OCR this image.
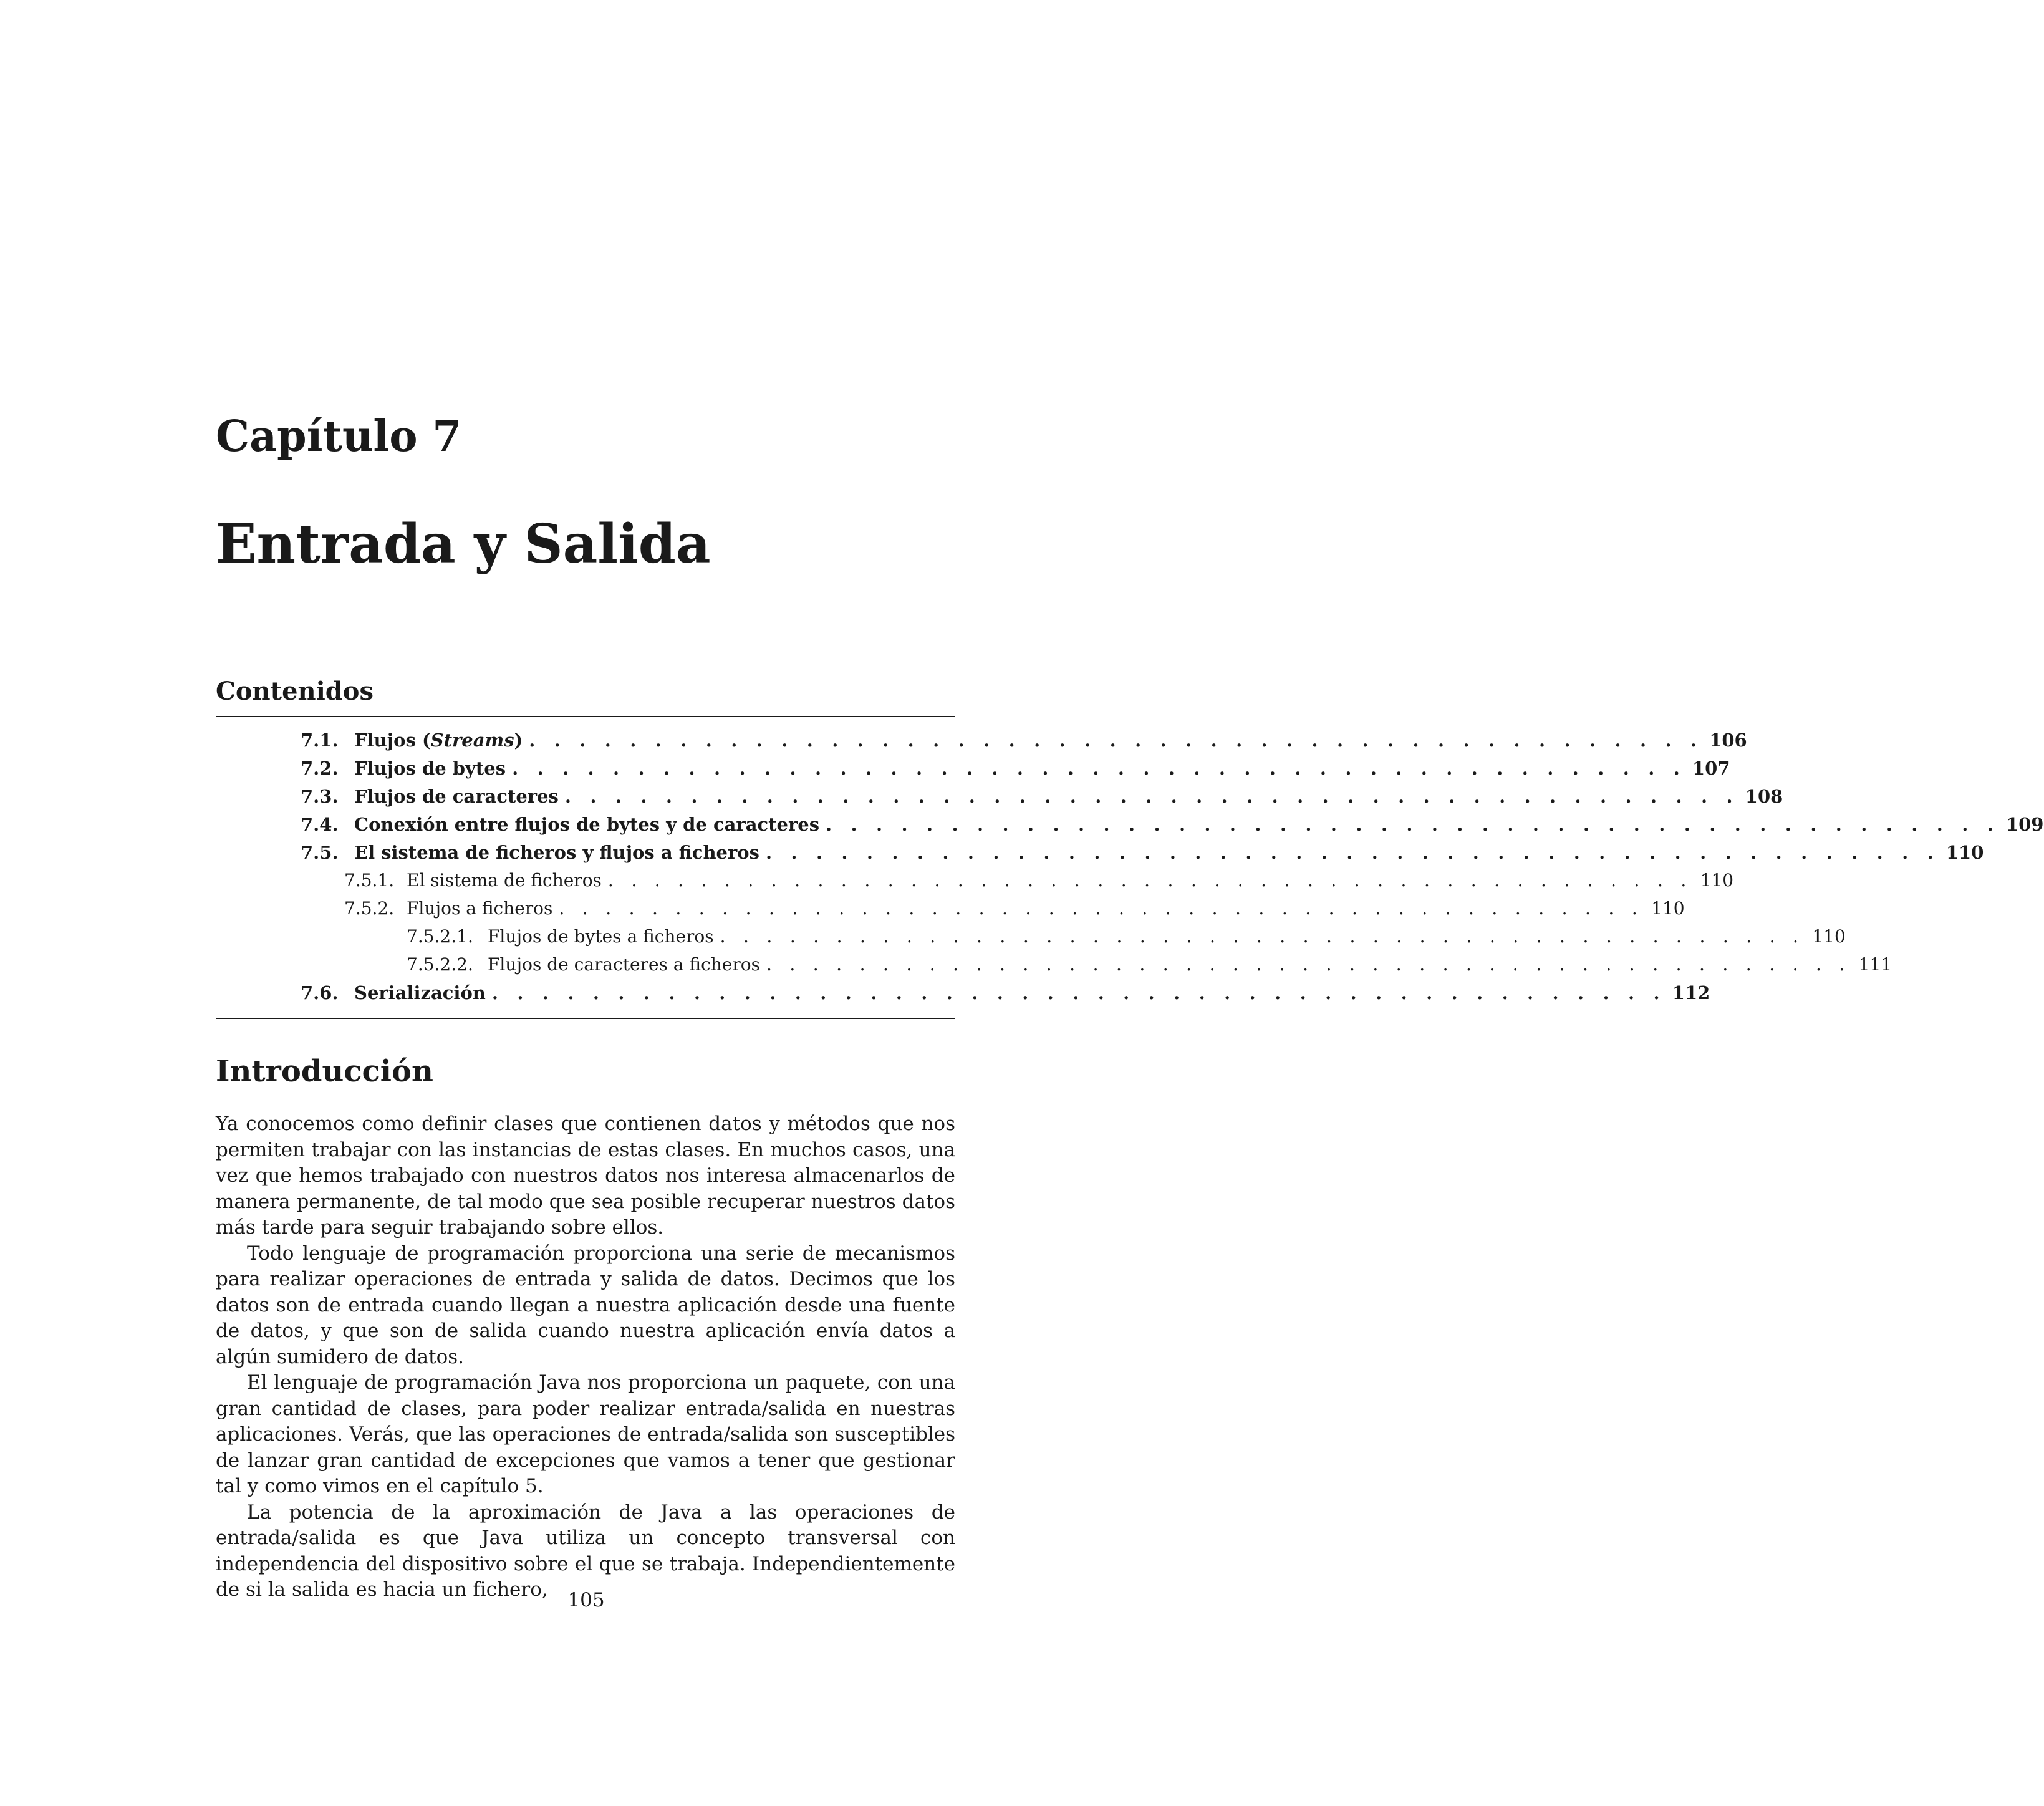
Capítulo 7
Entrada y Salida
Contenidos
7.1. Flujos (Streams) . . . . . . . . . . . . . . . . . . . . . . . . . . . . . . . . . . . . . . . . . . . . . . . 106
7.2. Flujos de bytes . . . . . . . . . . . . . . . . . . . . . . . . . . . . . . . . . . . . . . . . . . . . . . . 107
7.3. Flujos de caracteres . . . . . . . . . . . . . . . . . . . . . . . . . . . . . . . . . . . . . . . . . . . . . . . 108
7.4. Conexión entre flujos de bytes y de caracteres . . . . . . . . . . . . . . . . . . . . . . . . . . . . . . . . . . . . . . . . . . . . . . . 109
7.5. El sistema de ficheros y flujos a ficheros . . . . . . . . . . . . . . . . . . . . . . . . . . . . . . . . . . . . . . . . . . . . . . . 110
7.5.1. El sistema de ficheros . . . . . . . . . . . . . . . . . . . . . . . . . . . . . . . . . . . . . . . . . . . . . . . 110
7.5.2. Flujos a ficheros . . . . . . . . . . . . . . . . . . . . . . . . . . . . . . . . . . . . . . . . . . . . . . . 110
7.5.2.1. Flujos de bytes a ficheros . . . . . . . . . . . . . . . . . . . . . . . . . . . . . . . . . . . . . . . . . . . . . . . 110
7.5.2.2. Flujos de caracteres a ficheros . . . . . . . . . . . . . . . . . . . . . . . . . . . . . . . . . . . . . . . . . . . . . . . 111
7.6. Serialización . . . . . . . . . . . . . . . . . . . . . . . . . . . . . . . . . . . . . . . . . . . . . . . 112
Introducción

Ya conocemos como definir clases que contienen datos y métodos que nos permiten trabajar con las instancias de estas clases. En muchos casos, una vez que hemos trabajado con nuestros datos nos interesa almacenarlos de manera permanente, de tal modo que sea posible recuperar nuestros datos más tarde para seguir trabajando sobre ellos.

Todo lenguaje de programación proporciona una serie de mecanismos para realizar operaciones de entrada y salida de datos. Decimos que los datos son de entrada cuando llegan a nuestra aplicación desde una fuente de datos, y que son de salida cuando nuestra aplicación envía datos a algún sumidero de datos.

El lenguaje de programación Java nos proporciona un paquete, con una gran cantidad de clases, para poder realizar entrada/salida en nuestras aplicaciones. Verás, que las operaciones de entrada/salida son susceptibles de lanzar gran cantidad de excepciones que vamos a tener que gestionar tal y como vimos en el capítulo 5.

La potencia de la aproximación de Java a las operaciones de entrada/salida es que Java utiliza un concepto transversal con independencia del dispositivo sobre el que se trabaja. Independientemente de si la salida es hacia un fichero,	105
